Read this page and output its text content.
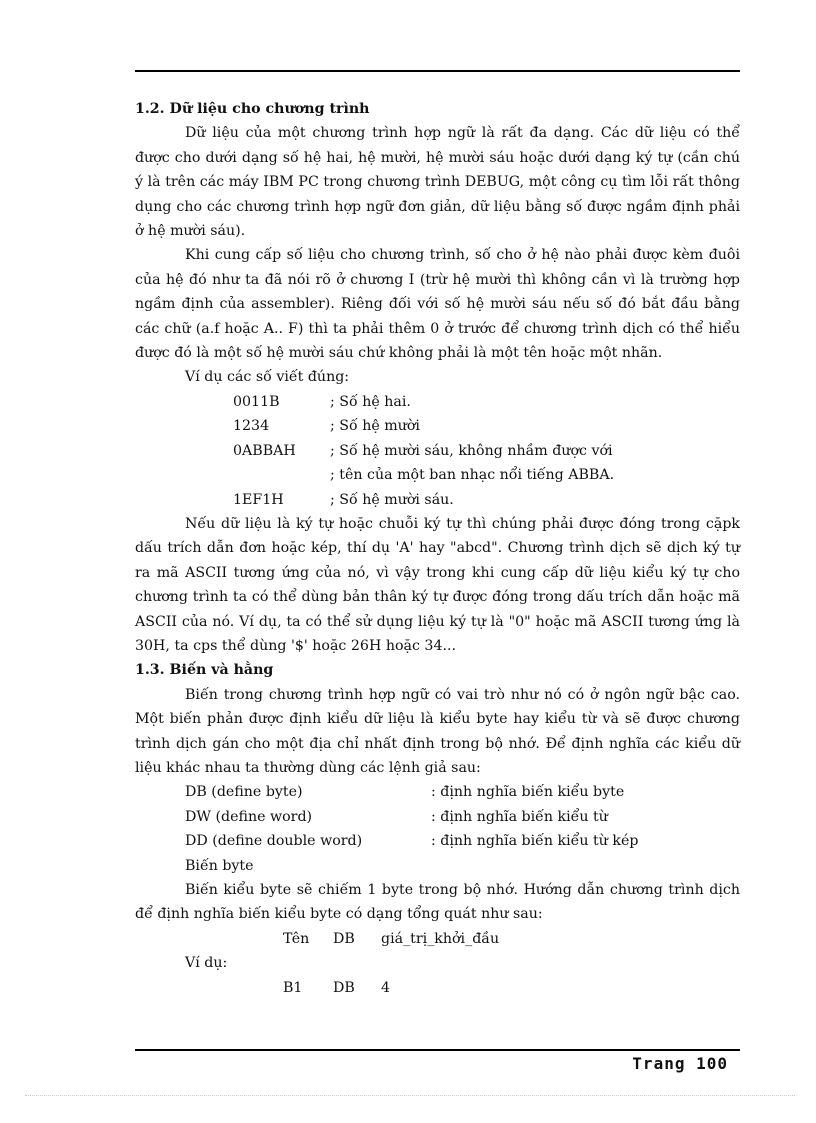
1.2. Dữ liệu cho chương trình

Dữ liệu của một chương trình hợp ngữ là rất đa dạng. Các dữ liệu có thể được cho dưới dạng số hệ hai, hệ mười, hệ mười sáu hoặc dưới dạng ký tự (cần chú ý là trên các máy IBM PC trong chương trình DEBUG, một công cụ tìm lỗi rất thông dụng cho các chương trình hợp ngữ đơn giản, dữ liệu bằng số được ngầm định phải ở hệ mười sáu).

Khi cung cấp số liệu cho chương trình, số cho ở hệ nào phải được kèm đuôi của hệ đó như ta đã nói rõ ở chương I (trừ hệ mười thì không cần vì là trường hợp ngầm định của assembler). Riêng đối với số hệ mười sáu nếu số đó bắt đầu bằng các chữ (a.f hoặc A.. F) thì ta phải thêm 0 ở trước để chương trình dịch có thể hiểu được đó là một số hệ mười sáu chứ không phải là một tên hoặc một nhãn.

Ví dụ các số viết đúng:

0011B	; Số hệ hai.
1234	; Số hệ mười
0ABBAH	; Số hệ mười sáu, không nhầm được với
; tên của một ban nhạc nổi tiếng ABBA.
1EF1H	; Số hệ mười sáu.

Nếu dữ liệu là ký tự hoặc chuỗi ký tự thì chúng phải được đóng trong cặpk dấu trích dẫn đơn hoặc kép, thí dụ 'A' hay "abcd". Chương trình dịch sẽ dịch ký tự ra mã ASCII tương ứng của nó, vì vậy trong khi cung cấp dữ liệu kiểu ký tự cho chương trình ta có thể dùng bản thân ký tự được đóng trong dấu trích dẫn hoặc mã ASCII của nó. Ví dụ, ta có thể sử dụng liệu ký tự là "0" hoặc mã ASCII tương ứng là 30H, ta cps thể dùng '$' hoặc 26H hoặc 34...

1.3. Biến và hằng

Biến trong chương trình hợp ngữ có vai trò như nó có ở ngôn ngữ bậc cao. Một biến phản được định kiểu dữ liệu là kiểu byte hay kiểu từ và sẽ được chương trình dịch gán cho một địa chỉ nhất định trong bộ nhớ. Để định nghĩa các kiểu dữ liệu khác nhau ta thường dùng các lệnh giả sau:

DB (define byte)	: định nghĩa biến kiểu byte
DW (define word)	: định nghĩa biến kiểu từ
DD (define double word)	: định nghĩa biến kiểu từ kép

Biến byte

Biến kiểu byte sẽ chiếm 1 byte trong bộ nhớ. Hướng dẫn chương trình dịch để định nghĩa biến kiểu byte có dạng tổng quát như sau:

Tên	DB	giá_trị_khởi_đầu

Ví dụ:

B1	DB	4
Trang 100
